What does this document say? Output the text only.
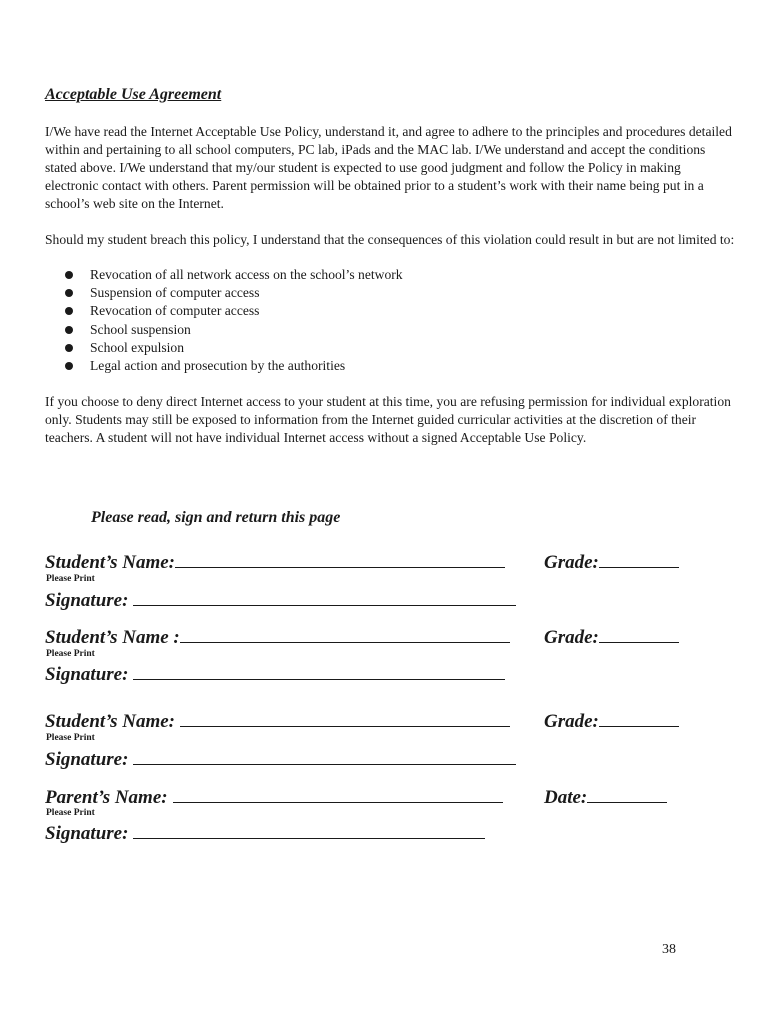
Acceptable Use Agreement

I/We have read the Internet Acceptable Use Policy, understand it, and agree to adhere to the principles and procedures detailed within and pertaining to all school computers, PC lab, iPads and the MAC lab. I/We understand and accept the conditions stated above. I/We understand that my/our student is expected to use good judgment and follow the Policy in making electronic contact with others. Parent permission will be obtained prior to a student’s work with their name being put in a school’s web site on the Internet.

Should my student breach this policy, I understand that the consequences of this violation could result in but are not limited to:

Revocation of all network access on the school’s network
Suspension of computer access
Revocation of computer access
School suspension
School expulsion
Legal action and prosecution by the authorities

If you choose to deny direct Internet access to your student at this time, you are refusing permission for individual exploration only. Students may still be exposed to information from the Internet guided curricular activities at the discretion of their teachers. A student will not have individual Internet access without a signed Acceptable Use Policy.

Please read, sign and return this page
Student’s Name:	Grade:
Please Print
Signature:
Student’s Name :	Grade:
Please Print
Signature:
Student’s Name:	Grade:
Please Print
Signature:
Parent’s Name:	Date:
Please Print
Signature:
38
